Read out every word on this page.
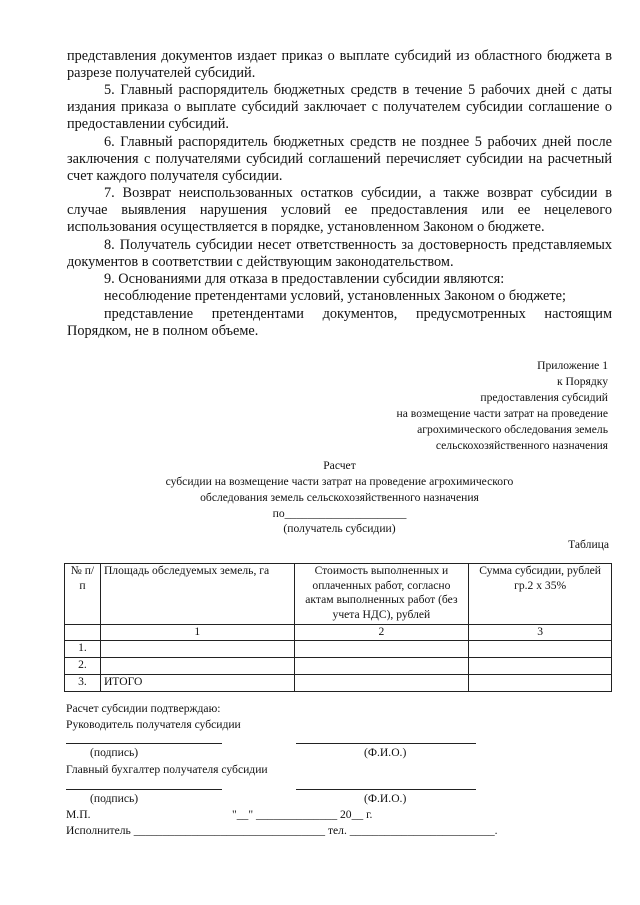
представления документов издает приказ о выплате субсидий из областного бюджета в разрезе получателей субсидий.

5. Главный распорядитель бюджетных средств в течение 5 рабочих дней с даты издания приказа о выплате субсидий заключает с получателем субсидии соглашение о предоставлении субсидий.

6. Главный распорядитель бюджетных средств не позднее 5 рабочих дней после заключения с получателями субсидий соглашений перечисляет субсидии на расчетный счет каждого получателя субсидии.

7. Возврат неиспользованных остатков субсидии, а также возврат субсидии в случае выявления нарушения условий ее предоставления или ее нецелевого использования осуществляется в порядке, установленном Законом о бюджете.

8. Получатель субсидии несет ответственность за достоверность представляемых документов в соответствии с действующим законодательством.

9. Основаниями для отказа в предоставлении субсидии являются:

несоблюдение претендентами условий, установленных Законом о бюджете;

представление претендентами документов, предусмотренных настоящим Порядком, не в полном объеме.

Приложение 1
к Порядку
предоставления субсидий
на возмещение части затрат на проведение
агрохимического обследования земель
сельскохозяйственного назначения
Расчет
субсидии на возмещение части затрат на проведение агрохимического
обследования земель сельскохозяйственного назначения
по_____________________
(получатель субсидии)
Таблица
№ п/п	Площадь обследуемых земель, га	Стоимость выполненных и оплаченных работ, согласно актам выполненных работ (без учета НДС), рублей	Сумма субсидии, рублей гр.2 х 35%
	1	2	3
1.			
2.			
3.	ИТОГО		
Расчет субсидии подтверждаю:
Руководитель получателя субсидии
(подпись)	(Ф.И.О.)
Главный бухгалтер получателя субсидии
(подпись)	(Ф.И.О.)
М.П.	"__" ______________ 20__ г.
Исполнитель _________________________________ тел. _________________________.
